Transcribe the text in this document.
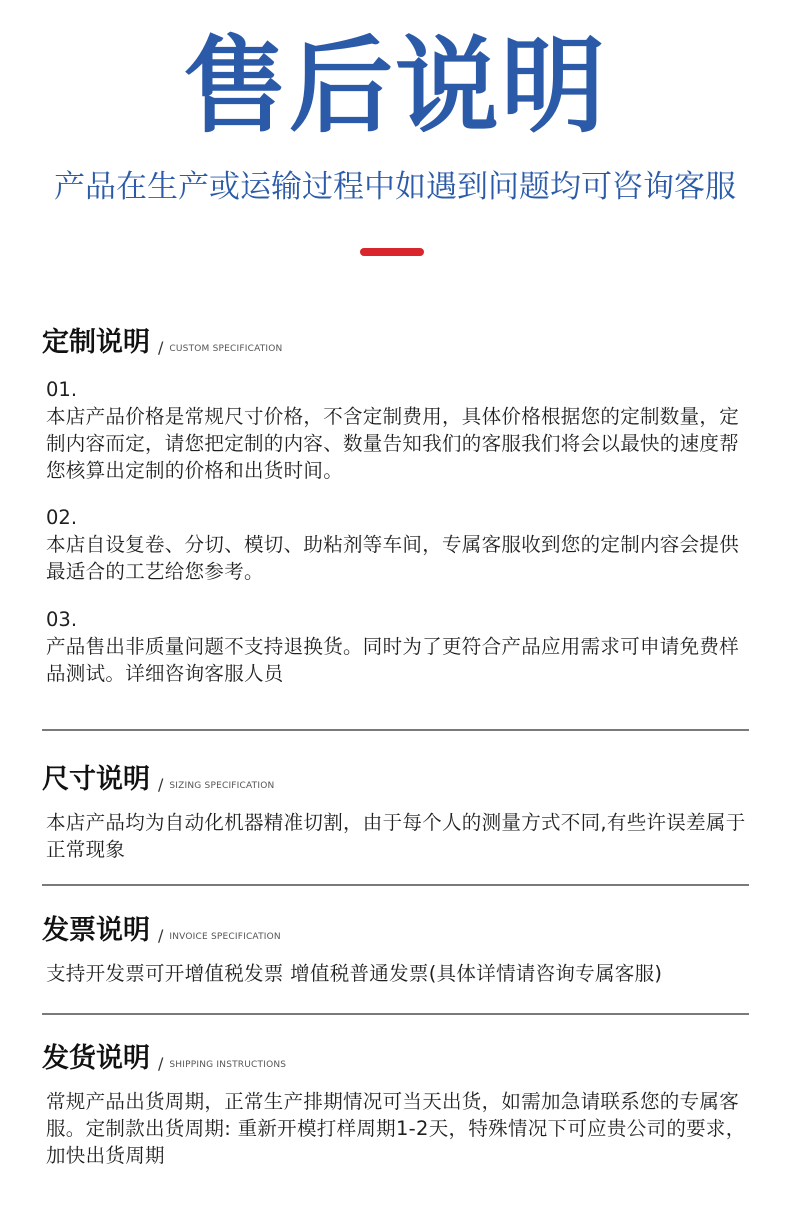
售后说明
产品在生产或运输过程中如遇到问题均可咨询客服
定制说明 / CUSTOM SPECIFICATION
01.

本店产品价格是常规尺寸价格，不含定制费用，具体价格根据您的定制数量，定制内容而定，请您把定制的内容、数量告知我们的客服我们将会以最快的速度帮您核算出定制的价格和出货时间。

02.

本店自设复卷、分切、模切、助粘剂等车间，专属客服收到您的定制内容会提供最适合的工艺给您参考。

03.

产品售出非质量问题不支持退换货。同时为了更符合产品应用需求可申请免费样品测试。详细咨询客服人员

尺寸说明 / SIZING SPECIFICATION

本店产品均为自动化机器精准切割，由于每个人的测量方式不同,有些许误差属于正常现象

发票说明 / INVOICE SPECIFICATION

支持开发票可开增值税发票 增值税普通发票(具体详情请咨询专属客服)

发货说明 / SHIPPING INSTRUCTIONS

常规产品出货周期，正常生产排期情况可当天出货，如需加急请联系您的专属客服。定制款出货周期: 重新开模打样周期1-2天，特殊情况下可应贵公司的要求，加快出货周期
